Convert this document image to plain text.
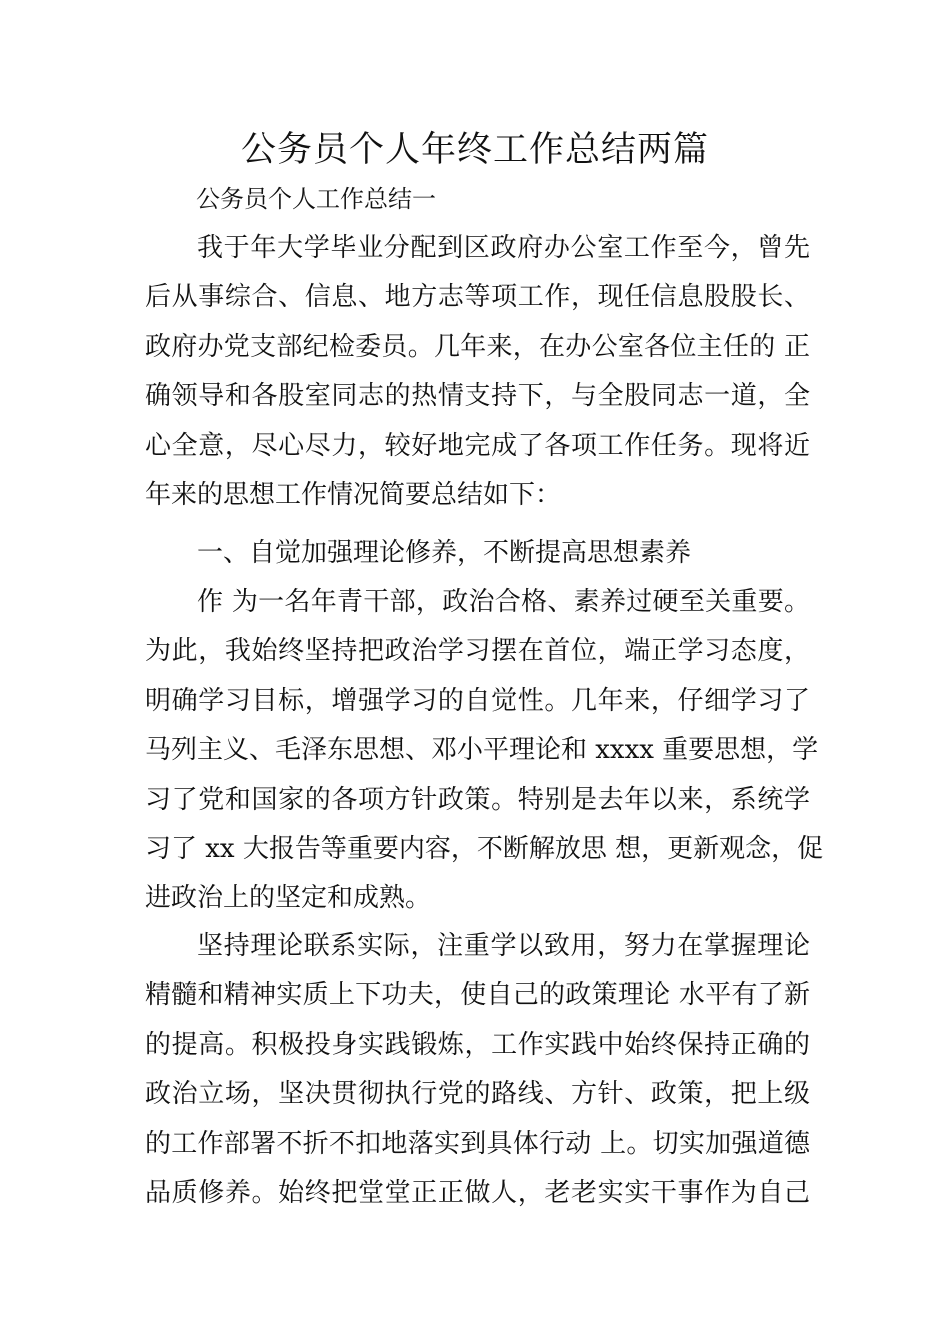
公务员个人年终工作总结两篇

公务员个人工作总结一

我于年大学毕业分配到区政府办公室工作至今，曾先
后从事综合、信息、地方志等项工作，现任信息股股长、
政府办党支部纪检委员。几年来，在办公室各位主任的 正
确领导和各股室同志的热情支持下，与全股同志一道，全
心全意，尽心尽力，较好地完成了各项工作任务。现将近
年来的思想工作情况简要总结如下：
一、自觉加强理论修养，不断提高思想素养
作 为一名年青干部，政治合格、素养过硬至关重要。
为此，我始终坚持把政治学习摆在首位，端正学习态度，
明确学习目标，增强学习的自觉性。几年来，仔细学习了
马列主义、毛泽东思想、邓小平理论和 xxxx 重要思想，学
习了党和国家的各项方针政策。特别是去年以来，系统学
习了 xx 大报告等重要内容，不断解放思 想，更新观念，促
进政治上的坚定和成熟。
坚持理论联系实际，注重学以致用，努力在掌握理论
精髓和精神实质上下功夫，使自己的政策理论 水平有了新
的提高。积极投身实践锻炼，工作实践中始终保持正确的
政治立场，坚决贯彻执行党的路线、方针、政策，把上级
的工作部署不折不扣地落实到具体行动 上。切实加强道德
品质修养。始终把堂堂正正做人，老老实实干事作为自己
